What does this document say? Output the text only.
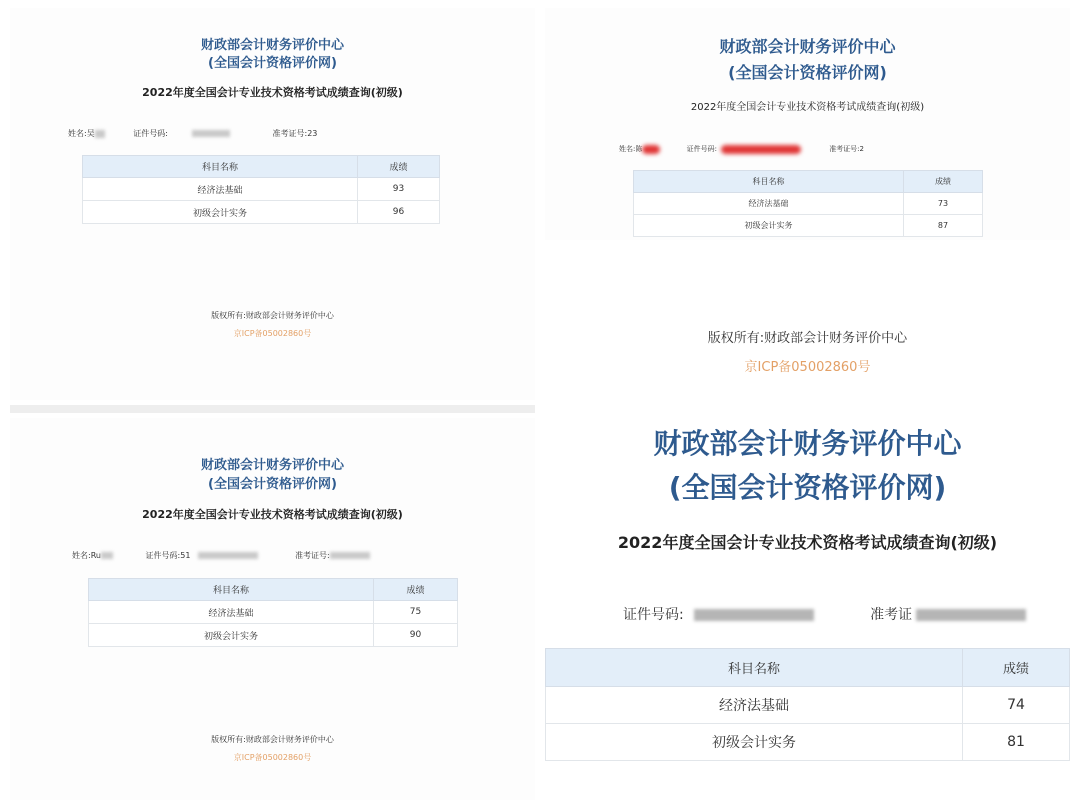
财政部会计财务评价中心
(全国会计资格评价网)
2022年度全国会计专业技术资格考试成绩查询(初级)
姓名:吴	证件号码:	准考证号:23
科目名称	成绩
经济法基础	93
初级会计实务	96
版权所有:财政部会计财务评价中心
京ICP备05002860号
财政部会计财务评价中心
(全国会计资格评价网)
2022年度全国会计专业技术资格考试成绩查询(初级)
姓名:陈	证件号码:	准考证号:2
科目名称	成绩
经济法基础	73
初级会计实务	87
版权所有:财政部会计财务评价中心
京ICP备05002860号
财政部会计财务评价中心
(全国会计资格评价网)
2022年度全国会计专业技术资格考试成绩查询(初级)
姓名:Ru	证件号码:51	准考证号:
科目名称	成绩
经济法基础	75
初级会计实务	90
版权所有:财政部会计财务评价中心
京ICP备05002860号
财政部会计财务评价中心
(全国会计资格评价网)
2022年度全国会计专业技术资格考试成绩查询(初级)
证件号码:	准考证
科目名称	成绩
经济法基础	74
初级会计实务	81
